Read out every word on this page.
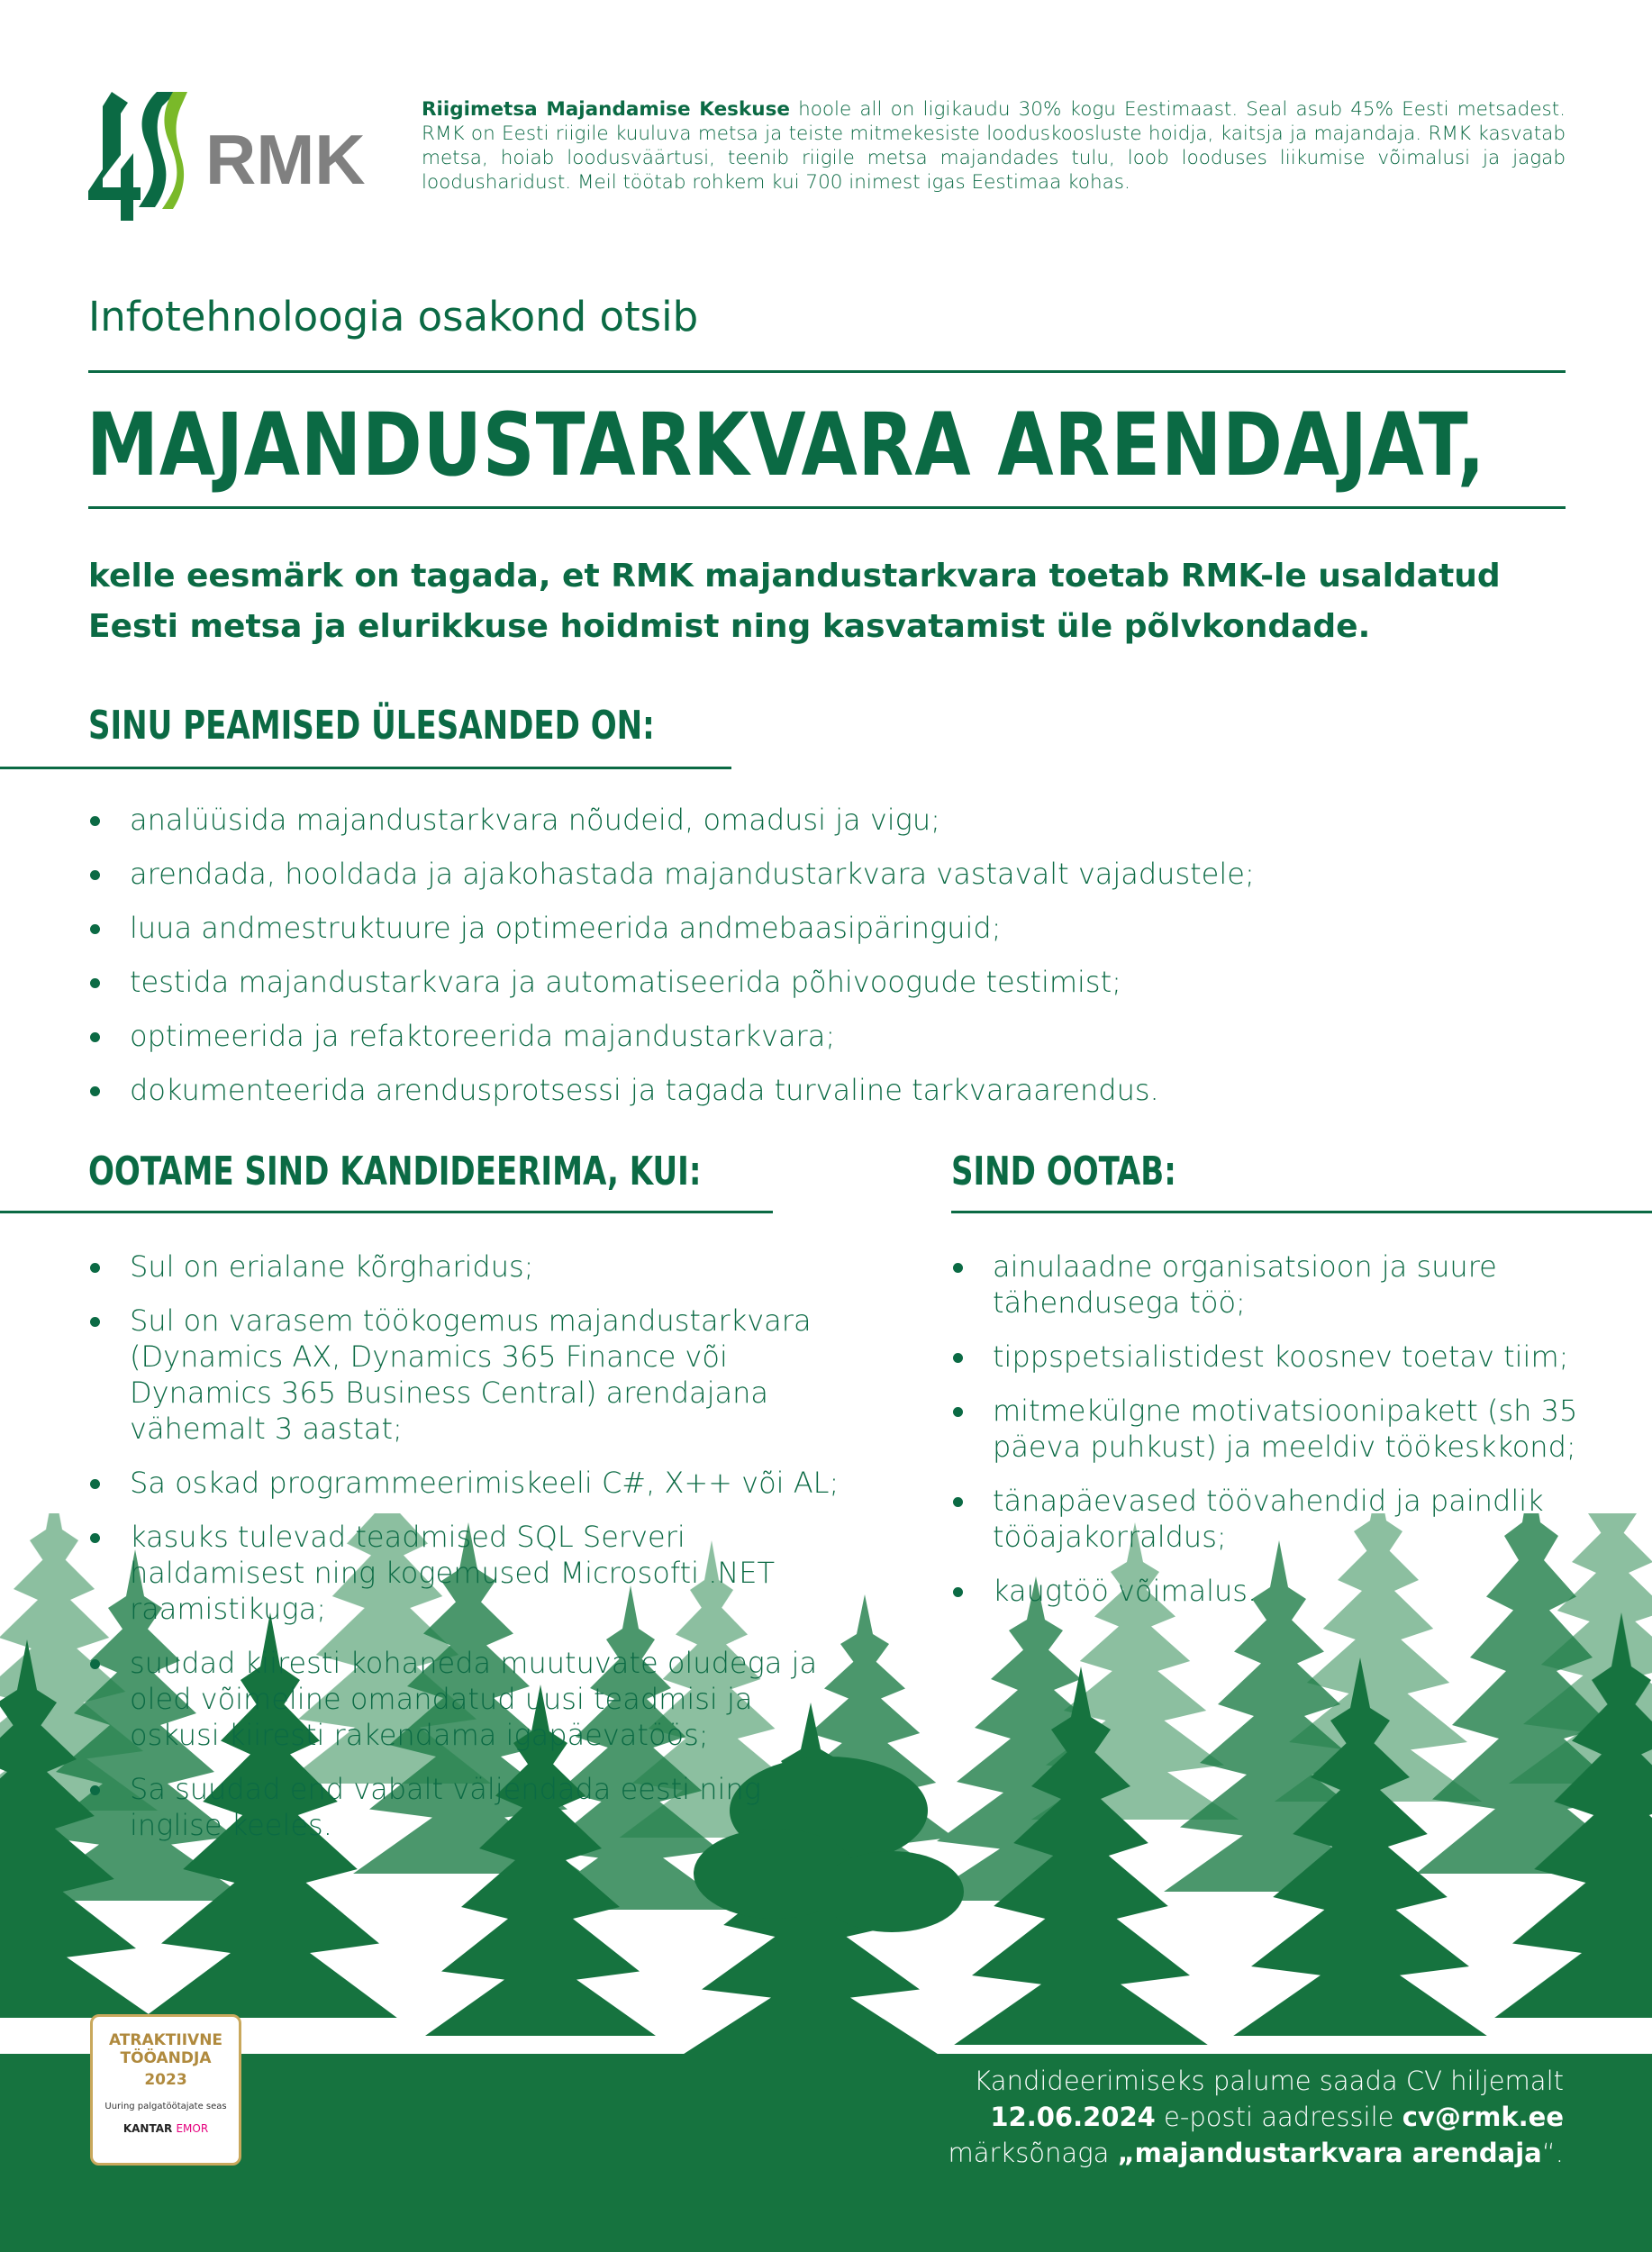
RMK
Riigimetsa Majandamise Keskuse hoole all on ligikaudu 30% kogu Eestimaast. Seal asub 45% Eesti metsadest. RMK on Eesti riigile kuuluva metsa ja teiste mitmekesiste looduskoosluste hoidja, kaitsja ja majandaja. RMK kasvatab metsa, hoiab loodusväärtusi, teenib riigile metsa majandades tulu, loob looduses liikumise võimalusi ja jagab loodusharidust. Meil töötab rohkem kui 700 inimest igas Eestimaa kohas.
Infotehnoloogia osakond otsib
MAJANDUSTARKVARA ARENDAJAT,
kelle eesmärk on tagada, et RMK majandustarkvara toetab RMK-le usaldatud Eesti metsa ja elurikkuse hoidmist ning kasvatamist üle põlvkondade.
SINU PEAMISED ÜLESANDED ON:
analüüsida majandustarkvara nõudeid, omadusi ja vigu;
arendada, hooldada ja ajakohastada majandustarkvara vastavalt vajadustele;
luua andmestruktuure ja optimeerida andmebaasipäringuid;
testida majandustarkvara ja automatiseerida põhivoogude testimist;
optimeerida ja refaktoreerida majandustarkvara;
dokumenteerida arendusprotsessi ja tagada turvaline tarkvaraarendus.
OOTAME SIND KANDIDEERIMA, KUI:
Sul on erialane kõrgharidus;
Sul on varasem töökogemus majandustarkvara (Dynamics AX, Dynamics 365 Finance või Dynamics 365 Business Central) arendajana vähemalt 3 aastat;
Sa oskad programmeerimiskeeli C#, X++ või AL;
kasuks tulevad teadmised SQL Serveri haldamisest ning kogemused Microsofti .NET raamistikuga;
suudad kiiresti kohaneda muutuvate oludega ja oled võimeline omandatud uusi teadmisi ja oskusi kiiresti rakendama igapäevatöös;
Sa suudad end vabalt väljendada eesti ning inglise keeles.
SIND OOTAB:
ainulaadne organisatsioon ja suure tähendusega töö;
tippspetsialistidest koosnev toetav tiim;
mitmekülgne motivatsioonipakett (sh 35 päeva puhkust) ja meeldiv töökeskkond;
tänapäevased töövahendid ja paindlik tööajakorraldus;
kaugtöö võimalus.
ATRAKTIIVNE TÖÖANDJA
2023
Uuring palgatöötajate seas
KANTAR EMOR
Kandideerimiseks palume saada CV hiljemalt
12.06.2024 e-posti aadressile cv@rmk.ee
märksõnaga „majandustarkvara arendaja“.
